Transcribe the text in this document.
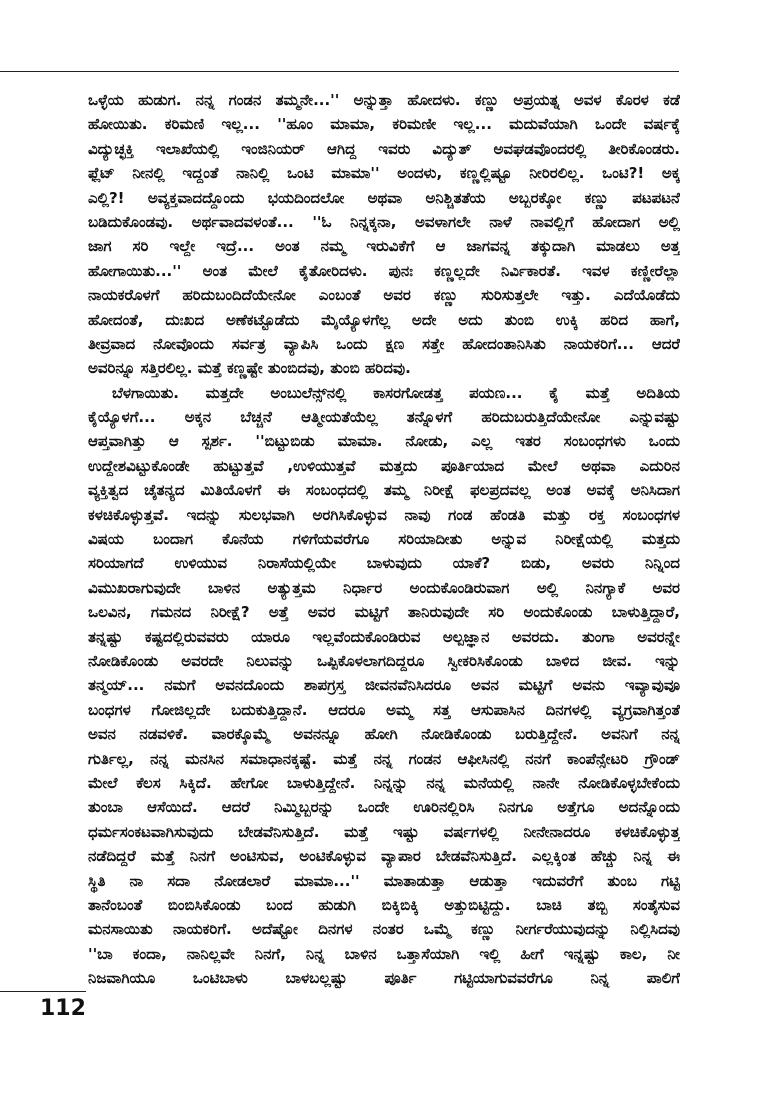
ಒಳ್ಳೆಯ ಹುಡುಗ. ನನ್ನ ಗಂಡನ ತಮ್ಮನೇ...'' ಅನ್ನುತ್ತಾ ಹೋದಳು. ಕಣ್ಣು ಅಪ್ರಯತ್ನ ಅವಳ ಕೊರಳ ಕಡೆ
ಹೋಯಿತು. ಕರಿಮಣಿ ಇಲ್ಲ... ''ಹೂಂ ಮಾಮಾ, ಕರಿಮಣೀ ಇಲ್ಲ... ಮದುವೆಯಾಗಿ ಒಂದೇ ವರ್ಷಕ್ಕೆ
ವಿದ್ಯುಚ್ಛಕ್ತಿ ಇಲಾಖೆಯಲ್ಲಿ ಇಂಜಿನಿಯರ್ ಆಗಿದ್ದ ಇವರು ವಿದ್ಯುತ್ ಅವಘಡವೊಂದರಲ್ಲಿ ತೀರಿಕೊಂಡರು.
ಫ್ಲೆಟ್ ನೀನಲ್ಲಿ ಇದ್ದಂತೆ ನಾನಿಲ್ಲಿ ಒಂಟಿ ಮಾಮಾ'' ಅಂದಳು, ಕಣ್ಣಲ್ಲಿಷ್ಟೂ ನೀರಿರಲಿಲ್ಲ. ಒಂಟಿ?! ಅಕ್ಕ
ಎಲ್ಲಿ?! ಅವ್ಯಕ್ತವಾದದ್ದೊಂದು ಭಯದಿಂದಲೋ ಅಥವಾ ಅನಿಶ್ಚಿತತೆಯ ಅಬ್ಬರಕ್ಕೋ ಕಣ್ಣು ಪಟಪಟನೆ
ಬಡಿದುಕೊಂಡವು. ಅರ್ಥವಾದವಳಂತೆ... ''ಓ ನಿನ್ನಕ್ಕನಾ, ಅವಳಾಗಲೇ ನಾಳೆ ನಾವಲ್ಲಿಗೆ ಹೋದಾಗ ಅಲ್ಲಿ
ಜಾಗ ಸರಿ ಇಲ್ದೇ ಇದ್ರೆ... ಅಂತ ನಮ್ಮ ಇರುವಿಕೆಗೆ ಆ ಜಾಗವನ್ನ ತಕ್ಕುದಾಗಿ ಮಾಡಲು ಅತ್ತ
ಹೋಗಾಯಿತು...'' ಅಂತ ಮೇಲೆ ಕೈತೋರಿದಳು. ಪುನಃ ಕಣ್ಣಲ್ಲದೇ ನಿರ್ವಿಕಾರತೆ. ಇವಳ ಕಣ್ಣೀರೆಲ್ಲಾ
ನಾಯಕರೊಳಗೆ ಹರಿದುಬಂದಿದೆಯೇನೋ ಎಂಬಂತೆ ಅವರ ಕಣ್ಣು ಸುರಿಸುತ್ತಲೇ ಇತ್ತು. ಎದೆಯೊಡೆದು
ಹೋದಂತೆ, ದುಃಖದ ಅಣೆಕಟ್ಟೊಡೆದು ಮೈಯ್ಯೊಳಗೆಲ್ಲ ಅದೇ ಅದು ತುಂಬಿ ಉಕ್ಕಿ ಹರಿದ ಹಾಗೆ,
ತೀವ್ರವಾದ ನೋವೊಂದು ಸರ್ವತ್ರ ವ್ಯಾಪಿಸಿ ಒಂದು ಕ್ಷಣ ಸತ್ತೇ ಹೋದಂತಾನಿಸಿತು ನಾಯಕರಿಗೆ... ಆದರೆ
ಅವರಿನ್ನೂ ಸತ್ತಿರಲಿಲ್ಲ. ಮತ್ತೆ ಕಣ್ಣಷ್ಟೇ ತುಂಬಿದವು, ತುಂಬಿ ಹರಿದವು.
ಬೆಳಗಾಯಿತು. ಮತ್ತದೇ ಅಂಬುಲೆನ್ಸ್‌ನಲ್ಲಿ ಕಾಸರಗೋಡತ್ತ ಪಯಣ... ಕೈ ಮತ್ತೆ ಅದಿತಿಯ
ಕೈಯ್ಯೊಳಗೆ... ಅಕ್ಕನ ಬೆಚ್ಚನೆ ಆತ್ಮೀಯತೆಯೆಲ್ಲ ತನ್ನೊಳಗೆ ಹರಿದುಬರುತ್ತಿದೆಯೇನೋ ಎನ್ನುವಷ್ಟು
ಆಪ್ತವಾಗಿತ್ತು ಆ ಸ್ಪರ್ಶ. ''ಬಿಟ್ಟುಬಿಡು ಮಾಮಾ. ನೋಡು, ಎಲ್ಲ ಇತರ ಸಂಬಂಧಗಳು ಒಂದು
ಉದ್ದೇಶವಿಟ್ಟುಕೊಂಡೇ ಹುಟ್ಟುತ್ತವೆ ,ಉಳಿಯುತ್ತವೆ ಮತ್ತದು ಪೂರ್ತಿಯಾದ ಮೇಲೆ ಅಥವಾ ಎದುರಿನ
ವ್ಯಕ್ತಿತ್ವದ ಚೈತನ್ಯದ ಮಿತಿಯೊಳಗೆ ಈ ಸಂಬಂಧದಲ್ಲಿ ತಮ್ಮ ನಿರೀಕ್ಷೆ ಫಲಪ್ರದವಲ್ಲ ಅಂತ ಅವಕ್ಕೆ ಅನಿಸಿದಾಗ
ಕಳಚಿಕೊಳ್ಳುತ್ತವೆ. ಇದನ್ನು ಸುಲಭವಾಗಿ ಅರಗಿಸಿಕೊಳ್ಳುವ ನಾವು ಗಂಡ ಹೆಂಡತಿ ಮತ್ತು ರಕ್ತ ಸಂಬಂಧಗಳ
ವಿಷಯ ಬಂದಾಗ ಕೊನೆಯ ಗಳಿಗೆಯವರೆಗೂ ಸರಿಯಾದೀತು ಅನ್ನುವ ನಿರೀಕ್ಷೆಯಲ್ಲಿ ಮತ್ತದು
ಸರಿಯಾಗದೆ ಉಳಿಯುವ ನಿರಾಸೆಯಲ್ಲಿಯೇ ಬಾಳುವುದು ಯಾಕೆ? ಬಿಡು, ಅವರು ನಿನ್ನಿಂದ
ವಿಮುಖರಾಗುವುದೇ ಬಾಳಿನ ಅತ್ಯುತ್ತಮ ನಿರ್ಧಾರ ಅಂದುಕೊಂಡಿರುವಾಗ ಅಲ್ಲಿ ನಿನಗ್ಯಾಕೆ ಅವರ
ಒಲವಿನ, ಗಮನದ ನಿರೀಕ್ಷೆ? ಅತ್ತೆ ಅವರ ಮಟ್ಟಿಗೆ ತಾನಿರುವುದೇ ಸರಿ ಅಂದುಕೊಂಡು ಬಾಳುತ್ತಿದ್ದಾರೆ,
ತನ್ನಷ್ಟು ಕಷ್ಟದಲ್ಲಿರುವವರು ಯಾರೂ ಇಲ್ಲವೆಂದುಕೊಂಡಿರುವ ಅಲ್ಪಜ್ಞಾನ ಅವರದು. ತುಂಗಾ ಅವರನ್ನೇ
ನೋಡಿಕೊಂಡು ಅವರದೇ ನಿಲುವನ್ನು ಒಪ್ಪಿಕೊಳಲಾಗದಿದ್ದರೂ ಸ್ವೀಕರಿಸಿಕೊಂಡು ಬಾಳಿದ ಜೀವ. ಇನ್ನು
ತನ್ಮಯ್... ನಮಗೆ ಅವನದೊಂದು ಶಾಪಗ್ರಸ್ತ ಜೀವನವೆನಿಸಿದರೂ ಅವನ ಮಟ್ಟಿಗೆ ಅವನು ಇವ್ಯಾವುವೂ
ಬಂಧಗಳ ಗೋಜಿಲ್ಲದೇ ಬದುಕುತ್ತಿದ್ದಾನೆ. ಆದರೂ ಅಮ್ಮ ಸತ್ತ ಆಸುಪಾಸಿನ ದಿನಗಳಲ್ಲಿ ವ್ಯಗ್ರವಾಗಿತ್ತಂತೆ
ಅವನ ನಡವಳಿಕೆ. ವಾರಕ್ಕೊಮ್ಮೆ ಅವನನ್ನೂ ಹೋಗಿ ನೋಡಿಕೊಂಡು ಬರುತ್ತಿದ್ದೇನೆ. ಅವನಿಗೆ ನನ್ನ
ಗುರ್ತಿಲ್ಲ, ನನ್ನ ಮನಸಿನ ಸಮಾಧಾನಕ್ಕಷ್ಟೆ. ಮತ್ತೆ ನನ್ನ ಗಂಡನ ಆಫೀಸಿನಲ್ಲಿ ನನಗೆ ಕಾಂಪೆನ್ಸೇಟರಿ ಗ್ರೌಂಡ್
ಮೇಲೆ ಕೆಲಸ ಸಿಕ್ಕಿದೆ. ಹೇಗೋ ಬಾಳುತ್ತಿದ್ದೇನೆ. ನಿನ್ನನ್ನು ನನ್ನ ಮನೆಯಲ್ಲಿ ನಾನೇ ನೋಡಿಕೊಳ್ಳಬೇಕೆಂದು
ತುಂಬಾ ಆಸೆಯಿದೆ. ಆದರೆ ನಿಮ್ಮಿಬ್ಬರನ್ನು ಒಂದೇ ಊರಿನಲ್ಲಿರಿಸಿ ನಿನಗೂ ಅತ್ತೆಗೂ ಅದನ್ನೊಂದು
ಧರ್ಮಸಂಕಟವಾಗಿಸುವುದು ಬೇಡವೆನಿಸುತ್ತಿದೆ. ಮತ್ತೆ ಇಷ್ಟು ವರ್ಷಗಳಲ್ಲಿ ನೀನೇನಾದರೂ ಕಳಚಿಕೊಳ್ಳುತ್ತ
ನಡೆದಿದ್ದರೆ ಮತ್ತೆ ನಿನಗೆ ಅಂಟಿಸುವ, ಅಂಟಿಕೊಳ್ಳುವ ವ್ಯಾಪಾರ ಬೇಡವೆನಿಸುತ್ತಿದೆ. ಎಲ್ಲಕ್ಕಿಂತ ಹೆಚ್ಚು ನಿನ್ನ ಈ
ಸ್ಥಿತಿ ನಾ ಸದಾ ನೋಡಲಾರೆ ಮಾಮಾ...'' ಮಾತಾಡುತ್ತಾ ಆಡುತ್ತಾ ಇದುವರೆಗೆ ತುಂಬ ಗಟ್ಟಿ
ತಾನೆಂಬಂತೆ ಬಿಂಬಿಸಿಕೊಂಡು ಬಂದ ಹುಡುಗಿ ಬಿಕ್ಕಿಬಿಕ್ಕಿ ಅತ್ತುಬಿಟ್ಟಿದ್ದು. ಬಾಚಿ ತಬ್ಬಿ ಸಂತೈಸುವ
ಮನಸಾಯಿತು ನಾಯಕರಿಗೆ. ಅದೆಷ್ಟೋ ದಿನಗಳ ನಂತರ ಒಮ್ಮೆ ಕಣ್ಣು ನೀರ್ಗರೆಯುವುದನ್ನು ನಿಲ್ಲಿಸಿದವು
''ಬಾ ಕಂದಾ, ನಾನಿಲ್ಲವೇ ನಿನಗೆ, ನಿನ್ನ ಬಾಳಿನ ಒತ್ತಾಸೆಯಾಗಿ ಇಲ್ಲಿ ಹೀಗೆ ಇನ್ನಷ್ಟು ಕಾಲ, ನೀ
ನಿಜವಾಗಿಯೂ ಒಂಟಿಬಾಳು ಬಾಳಬಲ್ಲಷ್ಟು ಪೂರ್ತಿ ಗಟ್ಟಿಯಾಗುವವರೆಗೂ ನಿನ್ನ ಪಾಲಿಗೆ
112
